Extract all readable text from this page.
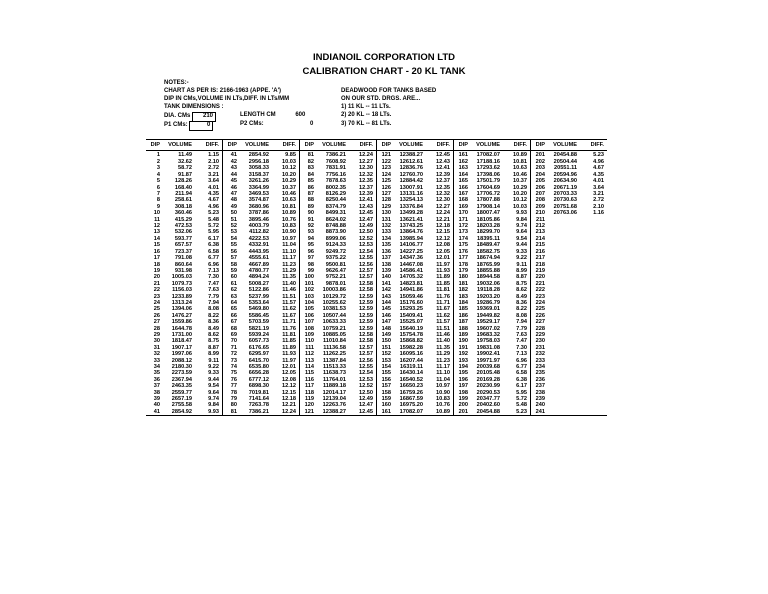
INDIANOIL CORPORATION LTD
CALIBRATION CHART - 20 KL TANK
NOTES:-
CHART AS PER IS: 2166-1963 (APPE. 'A')
DIP IN CMs,VOLUME IN LTs,DIFF. IN LTs/MM
TANK DIMENSIONS :
DIA. CMs 210	LENGTH CM	600
P1 CMs:	0	P2 CMs:	0
DEADWOOD FOR TANKS BASED
ON OUR STD. DRGS. ARE...
1) 11 KL -- 11 LTs.
2) 20 KL -- 18 LTs.
3) 70 KL -- 81 LTs.
DIP	VOLUME	DIFF.	DIP	VOLUME	DIFF.	DIP	VOLUME	DIFF.	DIP	VOLUME	DIFF.	DIP	VOLUME	DIFF.	DIP	VOLUME	DIFF.
1	11.49	1.15	41	2854.92	9.85	81	7386.21	12.24	121	12388.27	12.45	161	17082.07	10.89	201	20454.88	5.23
2	32.62	2.10	42	2956.18	10.03	82	7608.92	12.27	122	12612.61	12.43	162	17188.16	10.81	202	20504.44	4.96
3	58.72	2.72	43	3058.33	10.12	83	7831.91	12.30	123	12836.76	12.41	163	17293.62	10.63	203	20551.11	4.67
4	91.87	3.21	44	3158.37	10.20	84	7756.16	12.32	124	12760.70	12.39	164	17398.06	10.46	204	20594.96	4.35
5	128.26	3.64	45	3261.26	10.29	85	7878.63	12.35	125	12884.42	12.37	165	17501.79	10.37	205	20634.90	4.01
6	168.40	4.01	46	3364.99	10.37	86	8002.35	12.37	126	13007.91	12.35	166	17604.69	10.29	206	20671.19	3.64
7	211.94	4.35	47	3469.53	10.46	87	8126.29	12.39	127	13131.16	12.32	167	17706.72	10.20	207	20703.33	3.21
8	258.61	4.67	48	3574.87	10.63	88	8250.44	12.41	128	13254.13	12.30	168	17807.88	10.12	208	20730.63	2.72
9	308.18	4.96	49	3680.96	10.81	89	8374.79	12.43	129	13376.84	12.27	169	17908.14	10.03	209	20751.68	2.10
10	360.46	5.23	50	3787.86	10.89	90	8499.31	12.45	130	13499.28	12.24	170	18007.47	9.93	210	20763.06	1.16
11	415.29	5.48	51	3895.46	10.76	91	8624.02	12.47	131	13621.41	12.21	171	18105.86	9.84	211		
12	472.53	5.72	52	4003.79	10.83	92	8748.88	12.49	132	13743.25	12.18	172	18203.28	9.74	212		
13	532.06	5.95	53	4112.82	10.90	93	8873.90	12.50	133	13864.76	12.15	173	18299.70	9.64	213		
14	593.77	6.17	54	4222.53	10.97	94	8999.06	12.52	134	13985.94	12.12	174	18395.11	9.54	214		
15	657.57	6.38	55	4332.91	11.04	95	9124.33	12.53	135	14106.77	12.08	175	18489.47	9.44	215		
16	723.37	6.58	56	4443.95	11.10	96	9249.72	12.54	136	14227.25	12.05	176	18582.75	9.33	216		
17	791.08	6.77	57	4555.61	11.17	97	9375.22	12.55	137	14347.36	12.01	177	18674.94	9.22	217		
18	860.64	6.96	58	4667.89	11.23	98	9500.81	12.56	138	14467.08	11.97	178	18765.99	9.11	218		
19	931.98	7.13	59	4780.77	11.29	99	9626.47	12.57	139	14586.41	11.93	179	18855.88	8.99	219		
20	1005.03	7.30	60	4894.24	11.35	100	9752.21	12.57	140	14705.32	11.89	180	18944.58	8.87	220		
21	1079.73	7.47	61	5008.27	11.40	101	9878.01	12.58	141	14823.81	11.85	181	19032.06	8.75	221		
22	1156.03	7.63	62	5122.86	11.46	102	10003.86	12.58	142	14941.86	11.81	182	19118.28	8.62	222		
23	1233.89	7.79	63	5237.99	11.51	103	10129.72	12.59	143	15059.46	11.76	183	19203.20	8.49	223		
24	1313.24	7.94	64	5353.64	11.57	104	10255.62	12.59	144	15176.60	11.71	184	19286.79	8.36	224		
25	1394.06	8.08	65	5469.80	11.62	105	10381.53	12.59	145	15293.25	11.67	185	19369.01	8.22	225		
26	1476.27	8.22	66	5586.45	11.67	106	10507.44	12.59	146	15409.41	11.62	186	19449.82	8.08	226		
27	1559.86	8.36	67	5703.59	11.71	107	10633.33	12.59	147	15525.07	11.57	187	19529.17	7.94	227		
28	1644.78	8.49	68	5821.19	11.76	108	10759.21	12.59	148	15640.19	11.51	188	19607.02	7.79	228		
29	1731.00	8.62	69	5939.24	11.81	109	10885.05	12.58	149	15754.78	11.46	189	19683.32	7.63	229		
30	1818.47	8.75	70	6057.73	11.85	110	11010.84	12.58	150	15868.82	11.40	190	19758.03	7.47	230		
31	1907.17	8.87	71	6176.65	11.89	111	11136.58	12.57	151	15982.28	11.35	191	19831.08	7.30	231		
32	1997.06	8.99	72	6295.97	11.93	112	11262.25	12.57	152	16095.16	11.29	192	19902.41	7.13	232		
33	2088.12	9.11	73	6415.70	11.97	113	11387.84	12.56	153	16207.44	11.23	193	19971.97	6.96	233		
34	2180.30	9.22	74	6535.80	12.01	114	11513.33	12.55	154	16319.11	11.17	194	20039.68	6.77	234		
35	2273.59	9.33	75	6656.28	12.05	115	11638.73	12.54	155	16430.14	11.10	195	20105.48	6.58	235		
36	2367.94	9.44	76	6777.12	12.08	116	11764.01	12.53	156	16540.52	11.04	196	20169.28	6.38	236		
37	2463.35	9.54	77	6898.30	12.12	117	11889.18	12.52	157	16650.23	10.97	197	20230.99	6.17	237		
38	2559.77	9.64	78	7019.81	12.15	118	12014.17	12.50	158	16759.26	10.90	198	20290.53	5.95	238		
39	2657.19	9.74	79	7141.64	12.18	119	12139.04	12.49	159	16867.59	10.83	199	20347.77	5.72	239		
40	2755.58	9.84	80	7263.78	12.21	120	12263.76	12.47	160	16975.20	10.76	200	20402.60	5.48	240		
41	2854.92	9.93	81	7386.21	12.24	121	12388.27	12.45	161	17082.07	10.89	201	20454.88	5.23	241		
